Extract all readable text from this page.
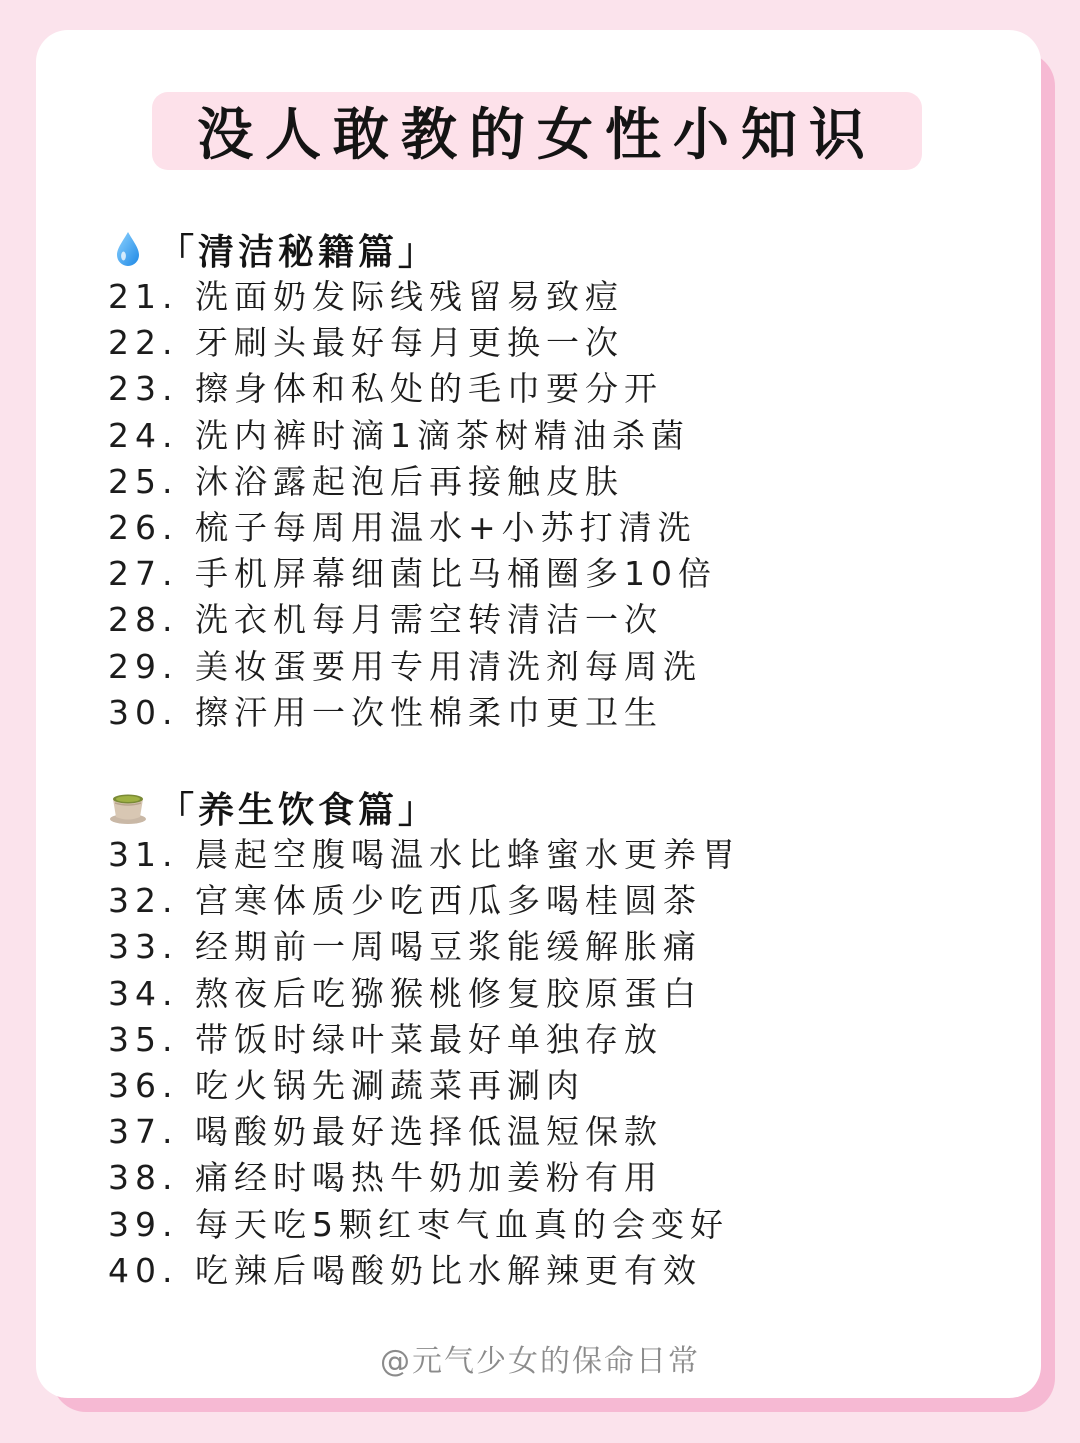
没人敢教的女性小知识
「清洁秘籍篇」
21. 洗面奶发际线残留易致痘
22. 牙刷头最好每月更换一次
23. 擦身体和私处的毛巾要分开
24. 洗内裤时滴1滴茶树精油杀菌
25. 沐浴露起泡后再接触皮肤
26. 梳子每周用温水+小苏打清洗
27. 手机屏幕细菌比马桶圈多10倍
28. 洗衣机每月需空转清洁一次
29. 美妆蛋要用专用清洗剂每周洗
30. 擦汗用一次性棉柔巾更卫生
「养生饮食篇」
31. 晨起空腹喝温水比蜂蜜水更养胃
32. 宫寒体质少吃西瓜多喝桂圆茶
33. 经期前一周喝豆浆能缓解胀痛
34. 熬夜后吃猕猴桃修复胶原蛋白
35. 带饭时绿叶菜最好单独存放
36. 吃火锅先涮蔬菜再涮肉
37. 喝酸奶最好选择低温短保款
38. 痛经时喝热牛奶加姜粉有用
39. 每天吃5颗红枣气血真的会变好
40. 吃辣后喝酸奶比水解辣更有效
@元气少女的保命日常
